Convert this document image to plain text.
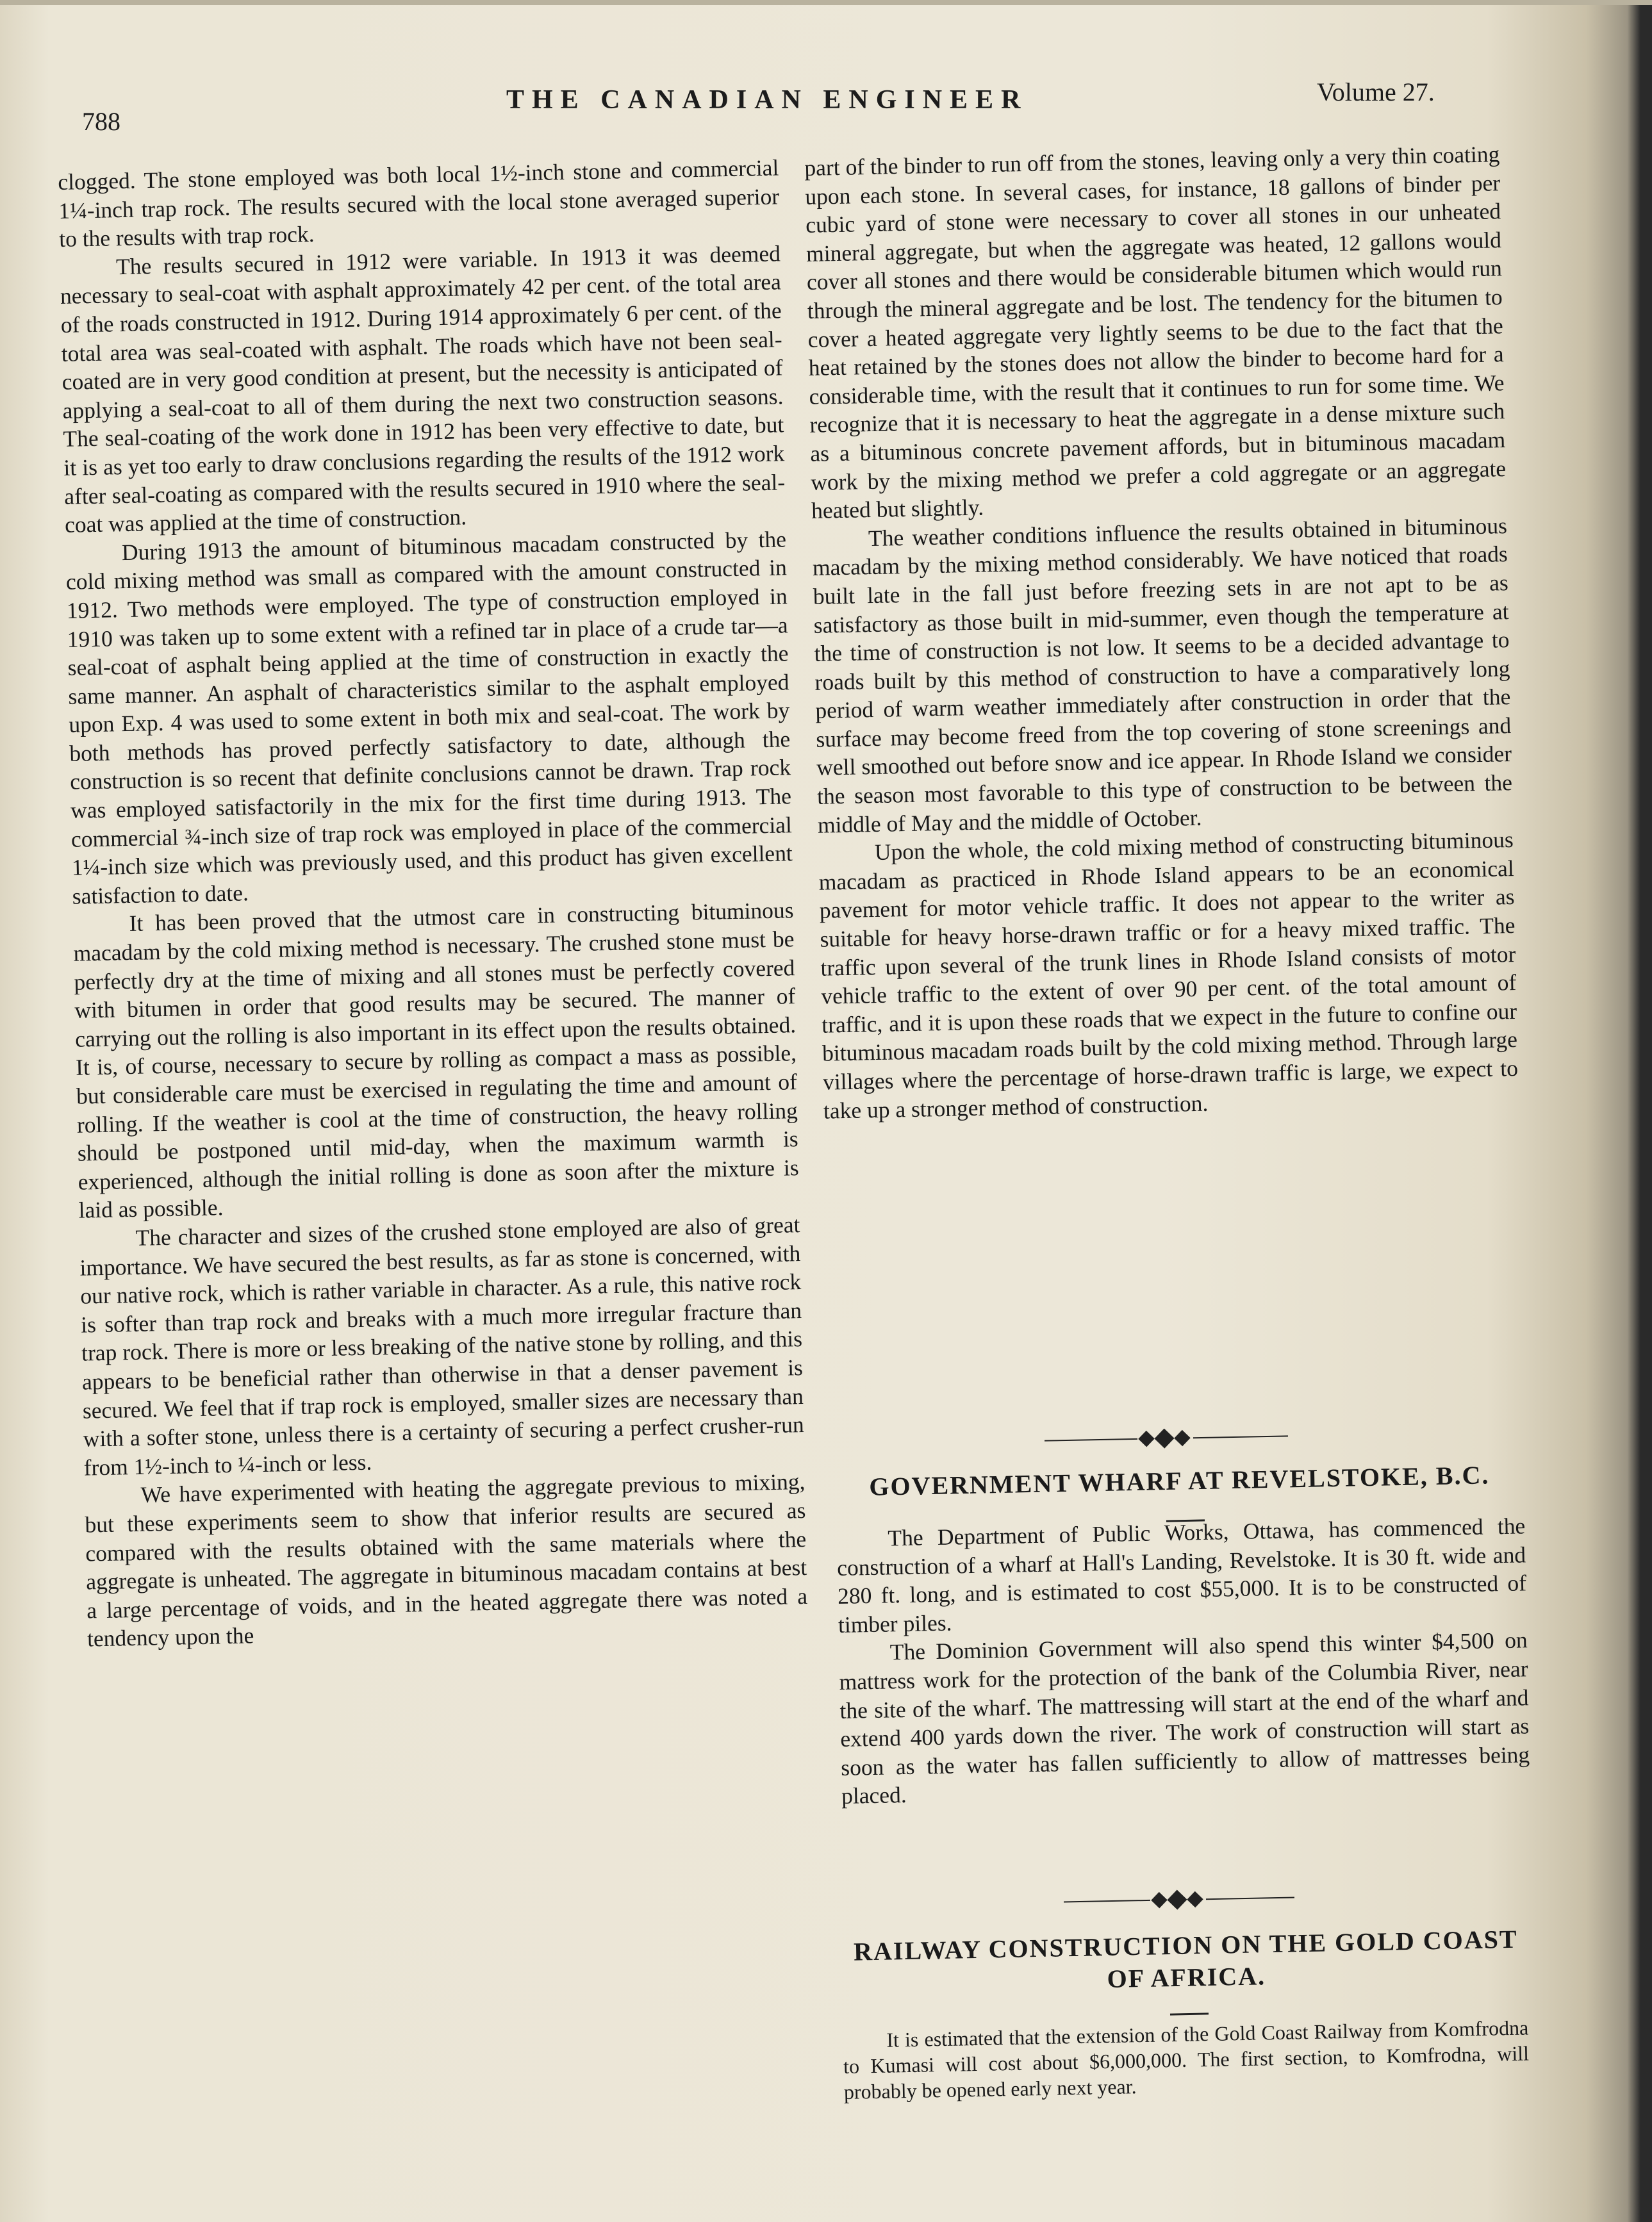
788
THE CANADIAN ENGINEER	Volume 27.

clogged. The stone employed was both local 1½-inch stone and commercial 1¼-inch trap rock. The results secured with the local stone averaged superior to the results with trap rock.

The results secured in 1912 were variable. In 1913 it was deemed necessary to seal-coat with asphalt approximately 42 per cent. of the total area of the roads constructed in 1912. During 1914 approximately 6 per cent. of the total area was seal-coated with asphalt. The roads which have not been seal-coated are in very good condition at present, but the necessity is anticipated of applying a seal-coat to all of them during the next two construction seasons. The seal-coating of the work done in 1912 has been very effective to date, but it is as yet too early to draw conclusions regarding the results of the 1912 work after seal-coating as compared with the results secured in 1910 where the seal-coat was applied at the time of construction.

During 1913 the amount of bituminous macadam constructed by the cold mixing method was small as compared with the amount constructed in 1912. Two methods were employed. The type of construction employed in 1910 was taken up to some extent with a refined tar in place of a crude tar—a seal-coat of asphalt being applied at the time of construction in exactly the same manner. An asphalt of characteristics similar to the asphalt employed upon Exp. 4 was used to some extent in both mix and seal-coat. The work by both methods has proved perfectly satisfactory to date, although the construction is so recent that definite conclusions cannot be drawn. Trap rock was employed satisfactorily in the mix for the first time during 1913. The commercial ¾-inch size of trap rock was employed in place of the commercial 1¼-inch size which was previously used, and this product has given excellent satisfaction to date.

It has been proved that the utmost care in constructing bituminous macadam by the cold mixing method is necessary. The crushed stone must be perfectly dry at the time of mixing and all stones must be perfectly covered with bitumen in order that good results may be secured. The manner of carrying out the rolling is also important in its effect upon the results obtained. It is, of course, necessary to secure by rolling as compact a mass as possible, but considerable care must be exercised in regulating the time and amount of rolling. If the weather is cool at the time of construction, the heavy rolling should be postponed until mid-day, when the maximum warmth is experienced, although the initial rolling is done as soon after the mixture is laid as possible.

The character and sizes of the crushed stone employed are also of great importance. We have secured the best results, as far as stone is concerned, with our native rock, which is rather variable in character. As a rule, this native rock is softer than trap rock and breaks with a much more irregular fracture than trap rock. There is more or less breaking of the native stone by rolling, and this appears to be beneficial rather than otherwise in that a denser pavement is secured. We feel that if trap rock is employed, smaller sizes are necessary than with a softer stone, unless there is a certainty of securing a perfect crusher-run from 1½-inch to ¼-inch or less.

We have experimented with heating the aggregate previous to mixing, but these experiments seem to show that inferior results are secured as compared with the results obtained with the same materials where the aggregate is unheated. The aggregate in bituminous macadam contains at best a large percentage of voids, and in the heated aggregate there was noted a tendency upon the

part of the binder to run off from the stones, leaving only a very thin coating upon each stone. In several cases, for instance, 18 gallons of binder per cubic yard of stone were necessary to cover all stones in our unheated mineral aggregate, but when the aggregate was heated, 12 gallons would cover all stones and there would be considerable bitumen which would run through the mineral aggregate and be lost. The tendency for the bitumen to cover a heated aggregate very lightly seems to be due to the fact that the heat retained by the stones does not allow the binder to become hard for a considerable time, with the result that it continues to run for some time. We recognize that it is necessary to heat the aggregate in a dense mixture such as a bituminous concrete pavement affords, but in bituminous macadam work by the mixing method we prefer a cold aggregate or an aggregate heated but slightly.

The weather conditions influence the results obtained in bituminous macadam by the mixing method considerably. We have noticed that roads built late in the fall just before freezing sets in are not apt to be as satisfactory as those built in mid-summer, even though the temperature at the time of construction is not low. It seems to be a decided advantage to roads built by this method of construction to have a comparatively long period of warm weather immediately after construction in order that the surface may become freed from the top covering of stone screenings and well smoothed out before snow and ice appear. In Rhode Island we consider the season most favorable to this type of construction to be between the middle of May and the middle of October.

Upon the whole, the cold mixing method of constructing bituminous macadam as practiced in Rhode Island appears to be an economical pavement for motor vehicle traffic. It does not appear to the writer as suitable for heavy horse-drawn traffic or for a heavy mixed traffic. The traffic upon several of the trunk lines in Rhode Island consists of motor vehicle traffic to the extent of over 90 per cent. of the total amount of traffic, and it is upon these roads that we expect in the future to confine our bituminous macadam roads built by the cold mixing method. Through large villages where the percentage of horse-drawn traffic is large, we expect to take up a stronger method of construction.

GOVERNMENT WHARF AT REVELSTOKE, B.C.

The Department of Public Works, Ottawa, has commenced the construction of a wharf at Hall's Landing, Revelstoke. It is 30 ft. wide and 280 ft. long, and is estimated to cost $55,000. It is to be constructed of timber piles.

The Dominion Government will also spend this winter $4,500 on mattress work for the protection of the bank of the Columbia River, near the site of the wharf. The mattressing will start at the end of the wharf and extend 400 yards down the river. The work of construction will start as soon as the water has fallen sufficiently to allow of mattresses being placed.

RAILWAY CONSTRUCTION ON THE GOLD COAST
OF AFRICA.

It is estimated that the extension of the Gold Coast Railway from Komfrodna to Kumasi will cost about $6,000,000. The first section, to Komfrodna, will probably be opened early next year.
